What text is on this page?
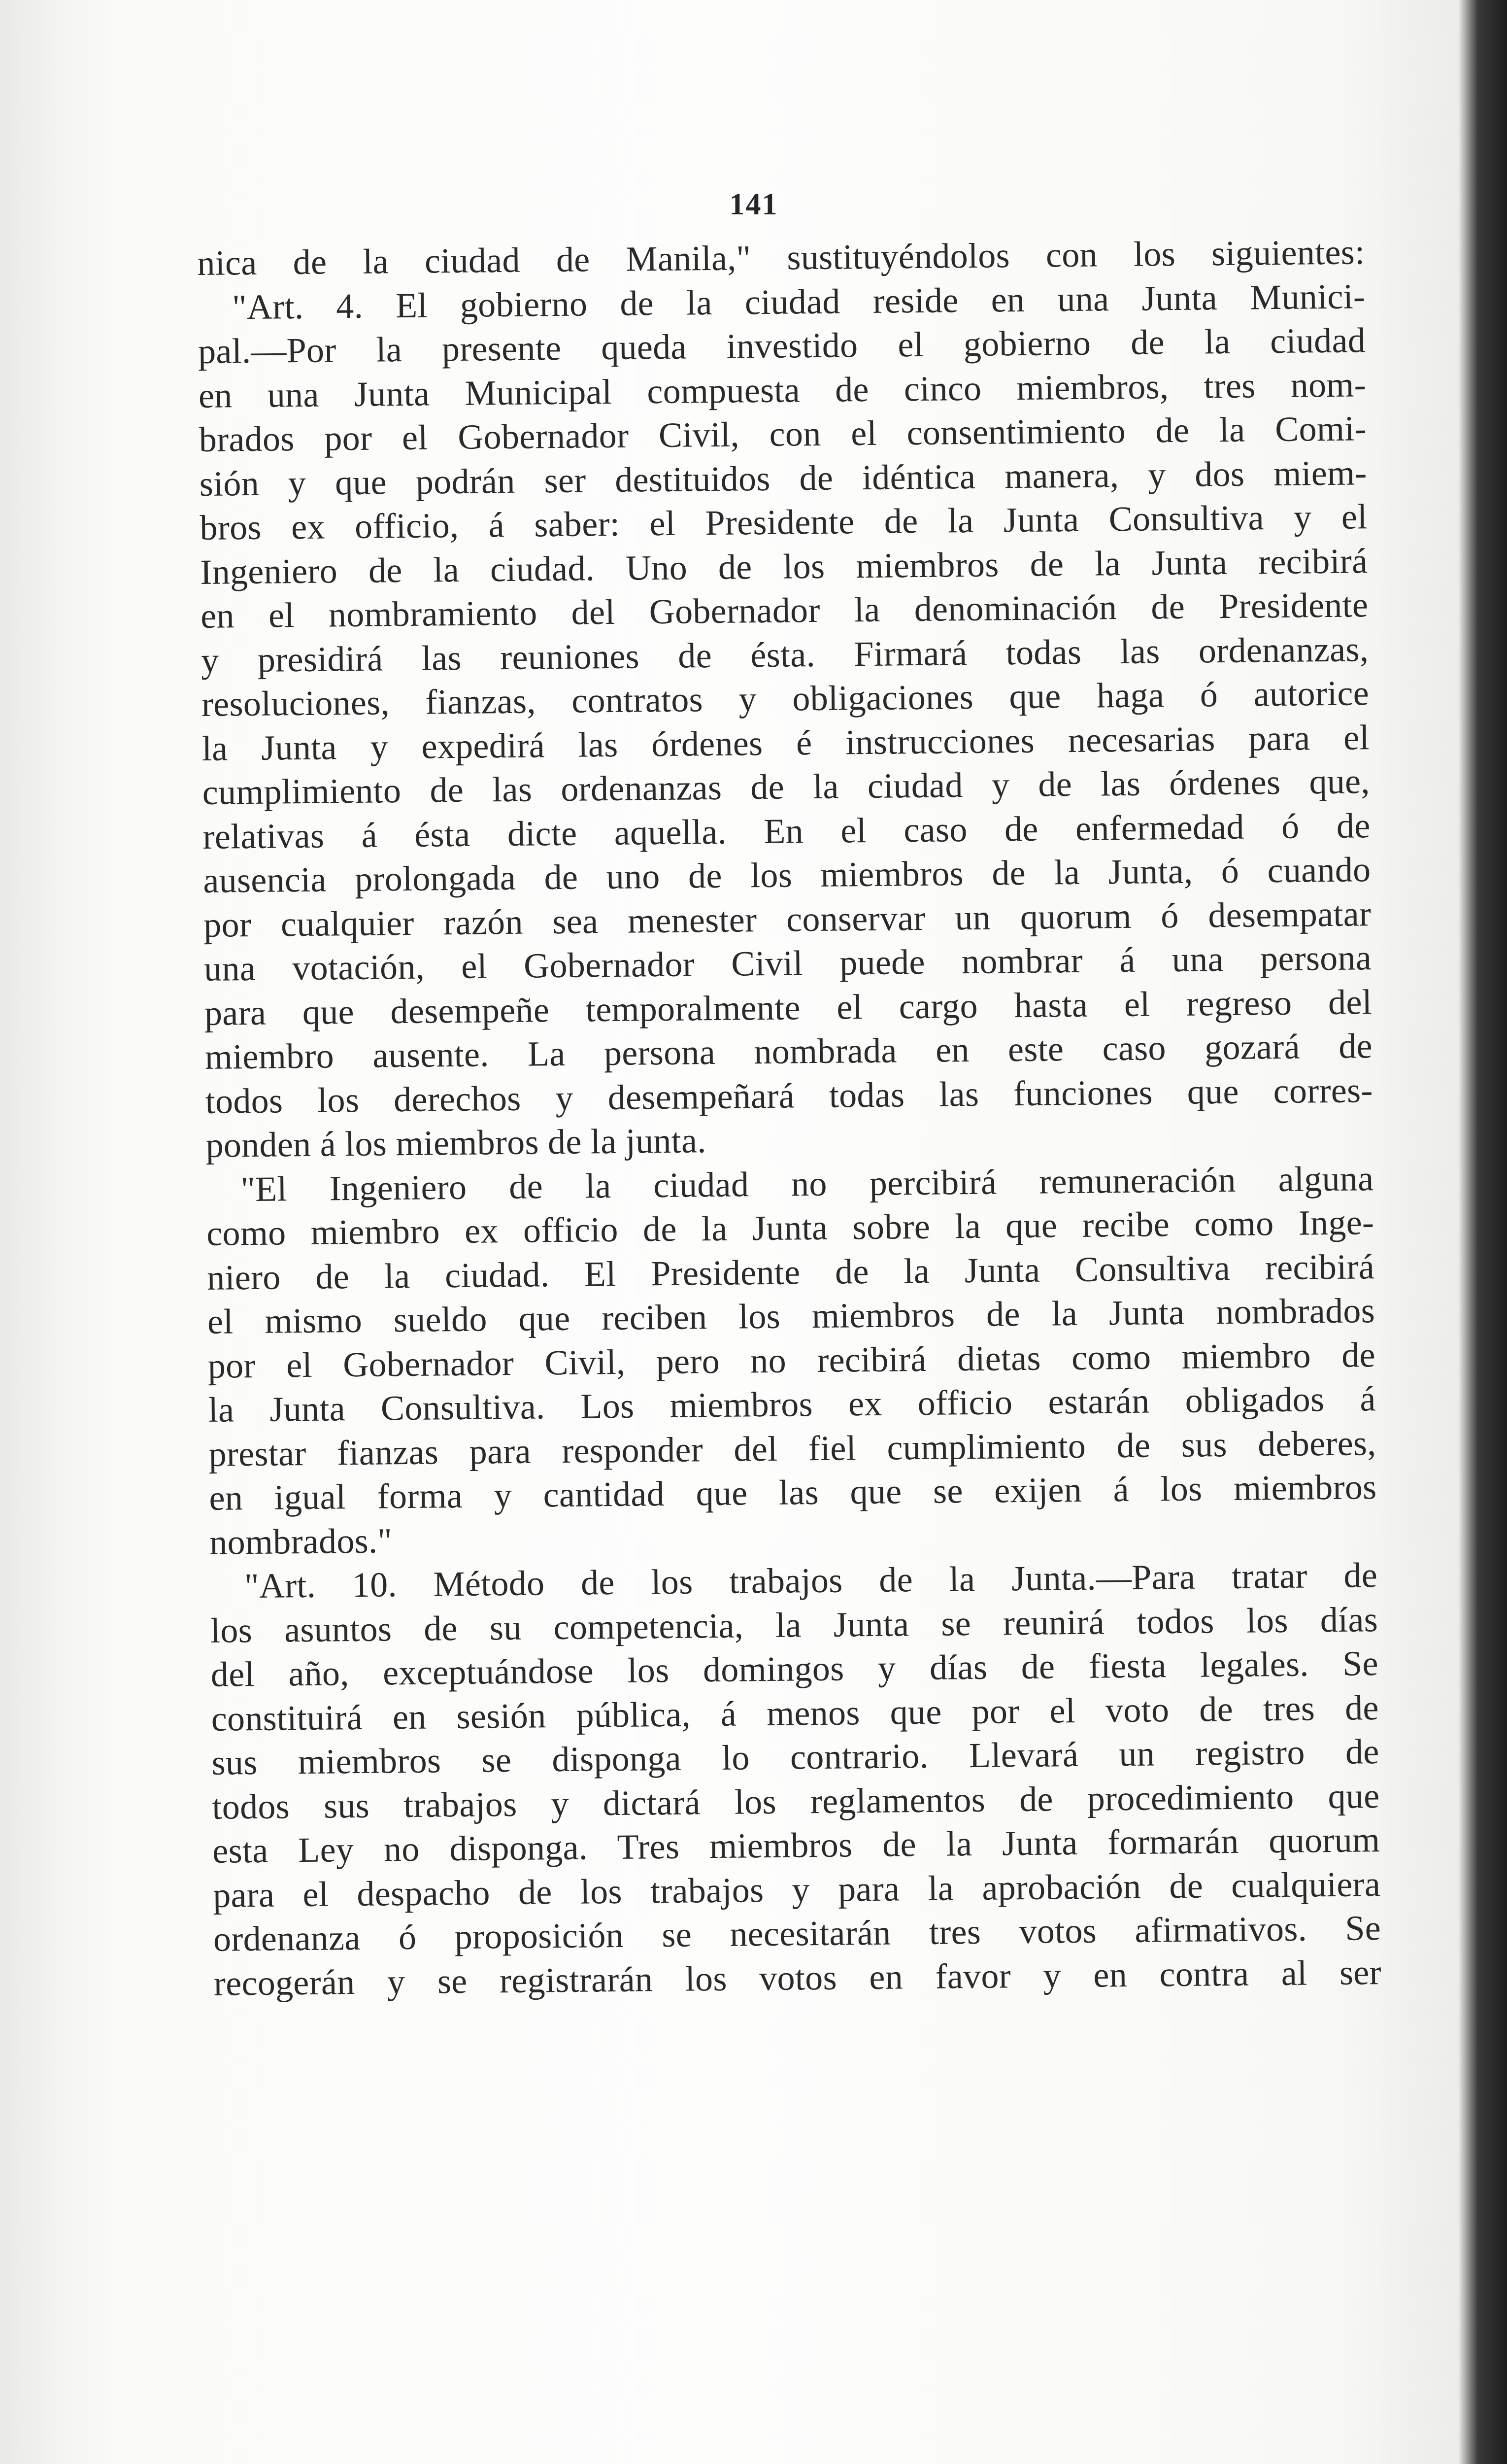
141
nica de la ciudad de Manila," sustituyéndolos con los siguientes:
"Art. 4. El gobierno de la ciudad reside en una Junta Munici-
pal.—Por la presente queda investido el gobierno de la ciudad
en una Junta Municipal compuesta de cinco miembros, tres nom-
brados por el Gobernador Civil, con el consentimiento de la Comi-
sión y que podrán ser destituidos de idéntica manera, y dos miem-
bros ex officio, á saber: el Presidente de la Junta Consultiva y el
Ingeniero de la ciudad. Uno de los miembros de la Junta recibirá
en el nombramiento del Gobernador la denominación de Presidente
y presidirá las reuniones de ésta. Firmará todas las ordenanzas,
resoluciones, fianzas, contratos y obligaciones que haga ó autorice
la Junta y expedirá las órdenes é instrucciones necesarias para el
cumplimiento de las ordenanzas de la ciudad y de las órdenes que,
relativas á ésta dicte aquella. En el caso de enfermedad ó de
ausencia prolongada de uno de los miembros de la Junta, ó cuando
por cualquier razón sea menester conservar un quorum ó desempatar
una votación, el Gobernador Civil puede nombrar á una persona
para que desempeñe temporalmente el cargo hasta el regreso del
miembro ausente. La persona nombrada en este caso gozará de
todos los derechos y desempeñará todas las funciones que corres-
ponden á los miembros de la junta.
"El Ingeniero de la ciudad no percibirá remuneración alguna
como miembro ex officio de la Junta sobre la que recibe como Inge-
niero de la ciudad. El Presidente de la Junta Consultiva recibirá
el mismo sueldo que reciben los miembros de la Junta nombrados
por el Gobernador Civil, pero no recibirá dietas como miembro de
la Junta Consultiva. Los miembros ex officio estarán obligados á
prestar fianzas para responder del fiel cumplimiento de sus deberes,
en igual forma y cantidad que las que se exijen á los miembros
nombrados."
"Art. 10. Método de los trabajos de la Junta.—Para tratar de
los asuntos de su competencia, la Junta se reunirá todos los días
del año, exceptuándose los domingos y días de fiesta legales. Se
constituirá en sesión pública, á menos que por el voto de tres de
sus miembros se disponga lo contrario. Llevará un registro de
todos sus trabajos y dictará los reglamentos de procedimiento que
esta Ley no disponga. Tres miembros de la Junta formarán quorum
para el despacho de los trabajos y para la aprobación de cualquiera
ordenanza ó proposición se necesitarán tres votos afirmativos. Se
recogerán y se registrarán los votos en favor y en contra al ser
